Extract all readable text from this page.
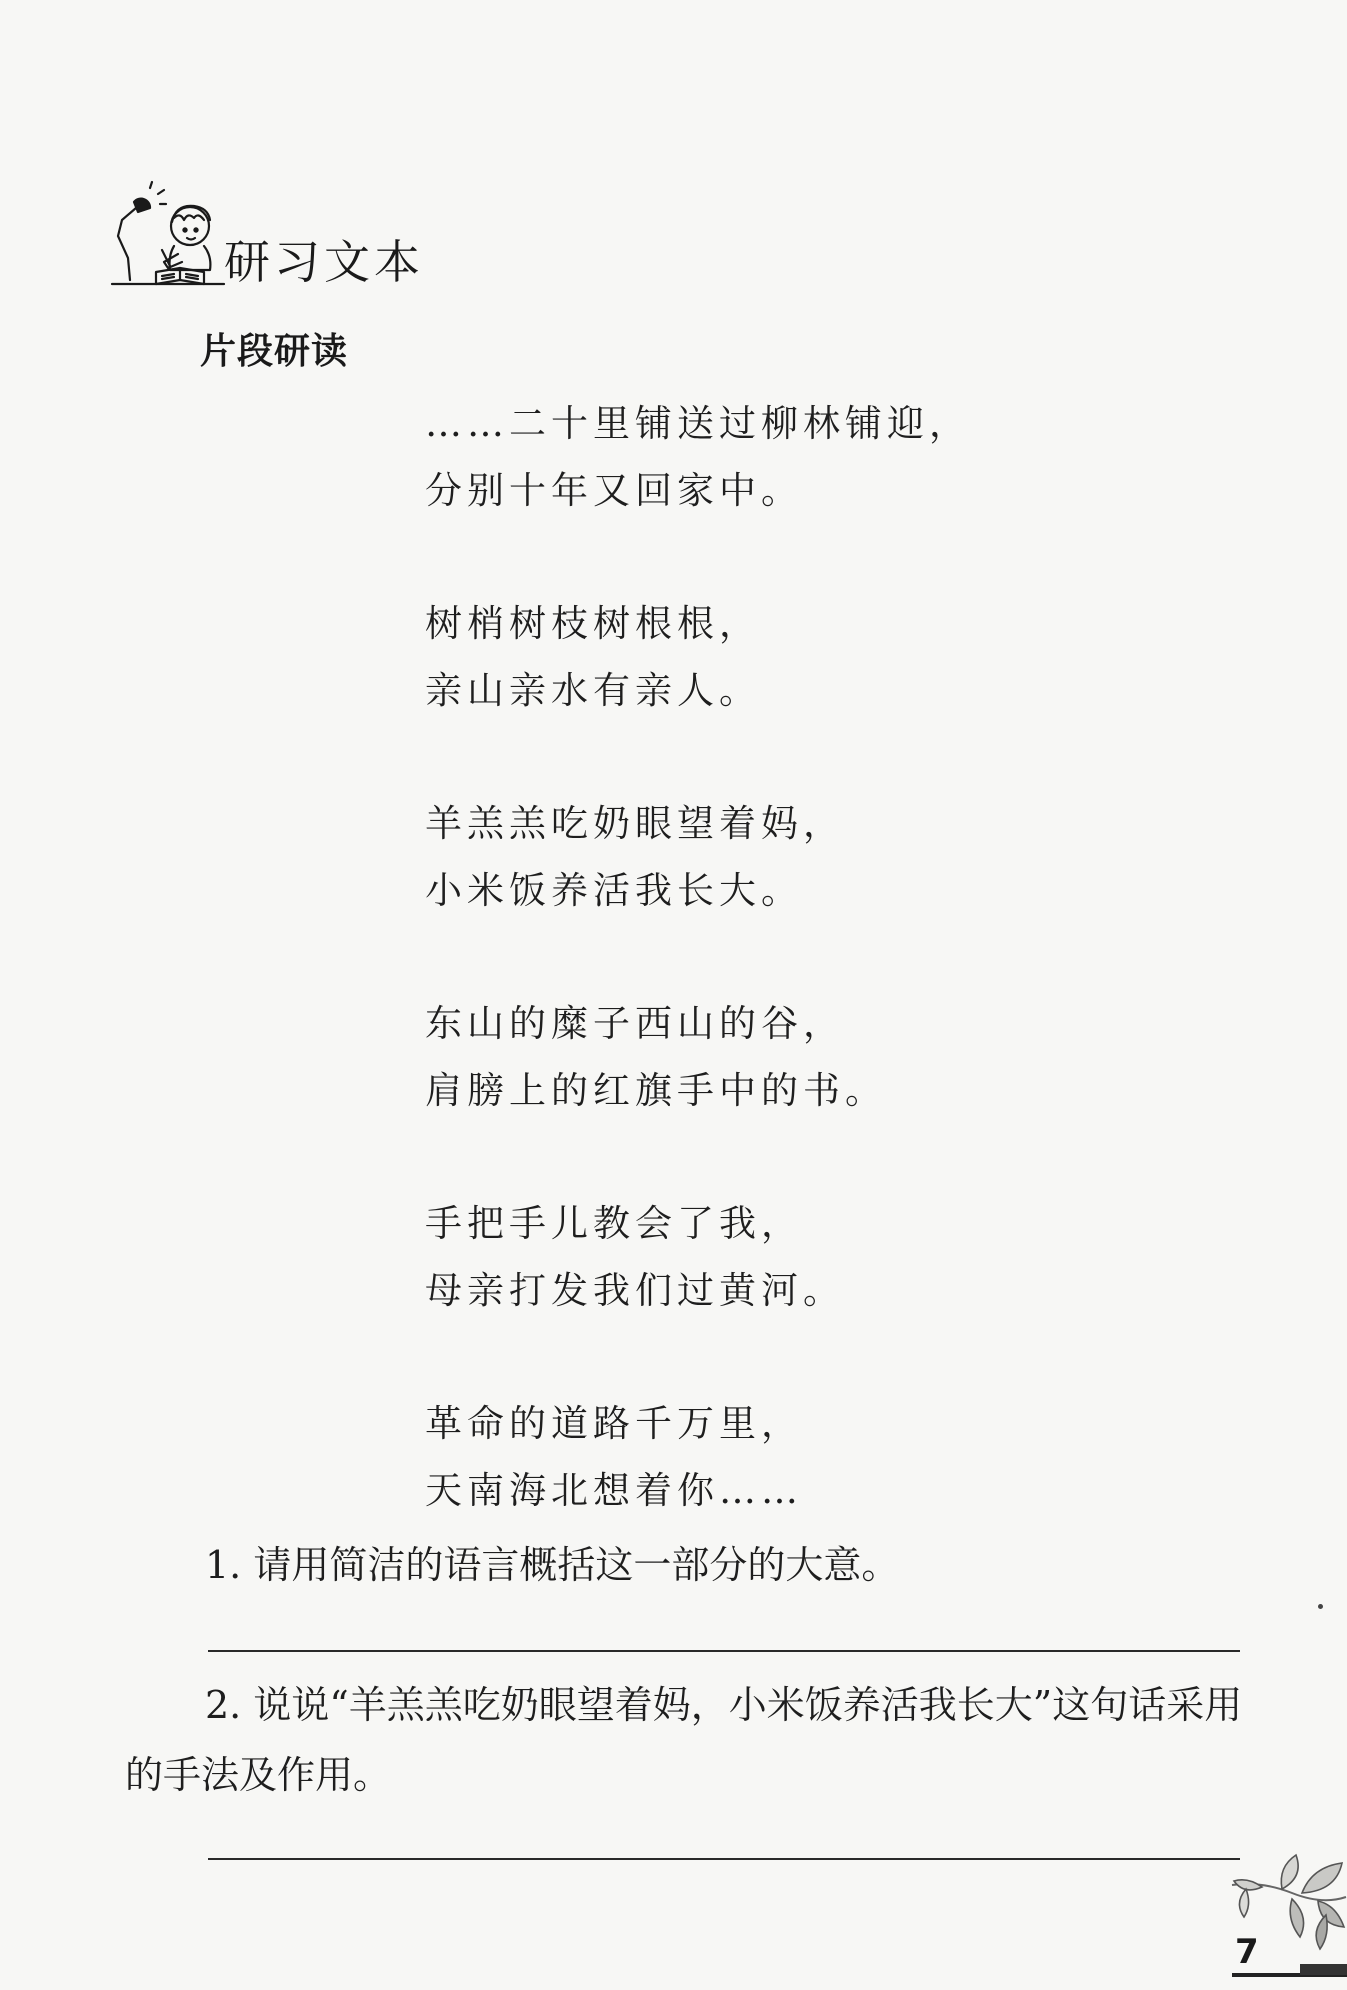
研习文本
片段研读
……二十里铺送过柳林铺迎，
分别十年又回家中。
树梢树枝树根根，
亲山亲水有亲人。
羊羔羔吃奶眼望着妈，
小米饭养活我长大。
东山的糜子西山的谷，
肩膀上的红旗手中的书。
手把手儿教会了我，
母亲打发我们过黄河。
革命的道路千万里，
天南海北想着你……
1. 请用简洁的语言概括这一部分的大意。
2. 说说“羊羔羔吃奶眼望着妈，小米饭养活我长大”这句话采用的手法及作用。
7
